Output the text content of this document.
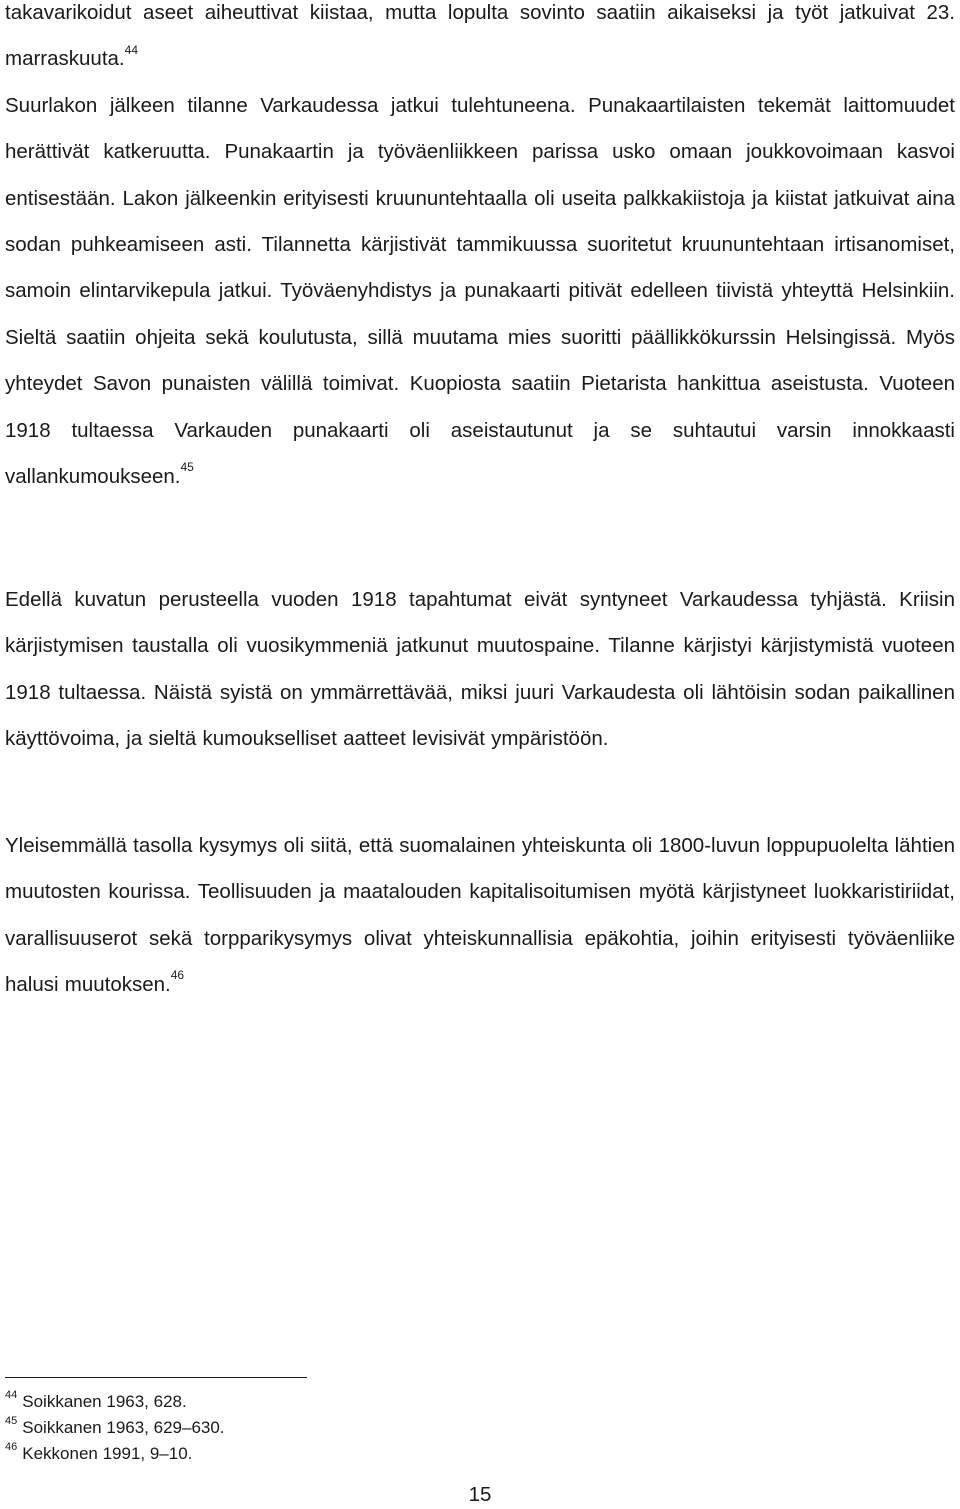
takavarikoidut aseet aiheuttivat kiistaa, mutta lopulta sovinto saatiin aikaiseksi ja työt jatkuivat 23. marraskuuta.$^{44}$
Suurlakon jälkeen tilanne Varkaudessa jatkui tulehtuneena. Punakaartilaisten tekemät laittomuudet herättivät katkeruutta. Punakaartin ja työväenliikkeen parissa usko omaan joukkovoimaan kasvoi entisestään. Lakon jälkeenkin erityisesti kruununtehtaalla oli useita palkkakiistoja ja kiistat jatkuivat aina sodan puhkeamiseen asti. Tilannetta kärjistivät tammikuussa suoritetut kruununtehtaan irtisanomiset, samoin elintarvikepula jatkui. Työväenyhdistys ja punakaarti pitivät edelleen tiivistä yhteyttä Helsinkiin. Sieltä saatiin ohjeita sekä koulutusta, sillä muutama mies suoritti päällikkökurssin Helsingissä. Myös yhteydet Savon punaisten välillä toimivat. Kuopiosta saatiin Pietarista hankittua aseistusta. Vuoteen 1918 tultaessa Varkauden punakaarti oli aseistautunut ja se suhtautui varsin innokkaasti vallankumoukseen.$^{45}$

Edellä kuvatun perusteella vuoden 1918 tapahtumat eivät syntyneet Varkaudessa tyhjästä. Kriisin kärjistymisen taustalla oli vuosikymmeniä jatkunut muutospaine. Tilanne kärjistyi kärjistymistä vuoteen 1918 tultaessa. Näistä syistä on ymmärrettävää, miksi juuri Varkaudesta oli lähtöisin sodan paikallinen käyttövoima, ja sieltä kumoukselliset aatteet levisivät ympäristöön.

Yleisemmällä tasolla kysymys oli siitä, että suomalainen yhteiskunta oli 1800-luvun loppupuolelta lähtien muutosten kourissa. Teollisuuden ja maatalouden kapitalisoitumisen myötä kärjistyneet luokkaristiriidat, varallisuuserot sekä torpparikysymys olivat yhteiskunnallisia epäkohtia, joihin erityisesti työväenliike halusi muutoksen.$^{46}$

$^{44}$ Soikkanen 1963, 628.

$^{45}$ Soikkanen 1963, 629–630.

$^{46}$ Kekkonen 1991, 9–10.

15
